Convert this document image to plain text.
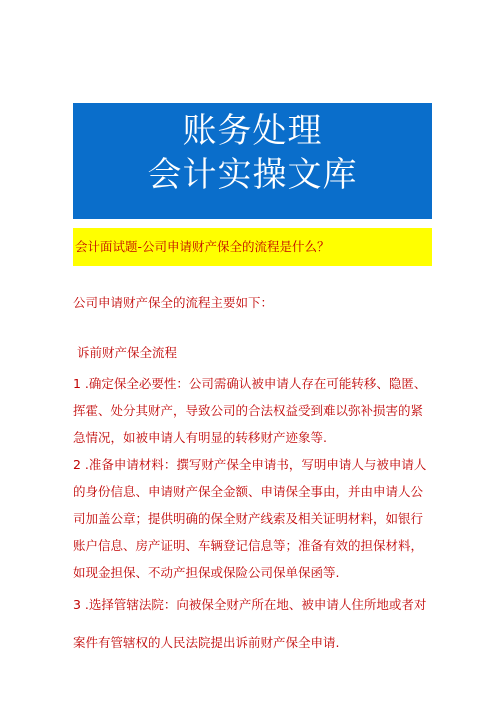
账务处理
会计实操文库
会计面试题-公司申请财产保全的流程是什么？
公司申请财产保全的流程主要如下：
诉前财产保全流程
1 .确定保全必要性：公司需确认被申请人存在可能转移、隐匿、挥霍、处分其财产，导致公司的合法权益受到难以弥补损害的紧急情况，如被申请人有明显的转移财产迹象等.
2 .准备申请材料：撰写财产保全申请书，写明申请人与被申请人的身份信息、申请财产保全金额、申请保全事由，并由申请人公司加盖公章；提供明确的保全财产线索及相关证明材料，如银行账户信息、房产证明、车辆登记信息等；准备有效的担保材料，如现金担保、不动产担保或保险公司保单保函等.
3 .选择管辖法院：向被保全财产所在地、被申请人住所地或者对案件有管辖权的人民法院提出诉前财产保全申请.
